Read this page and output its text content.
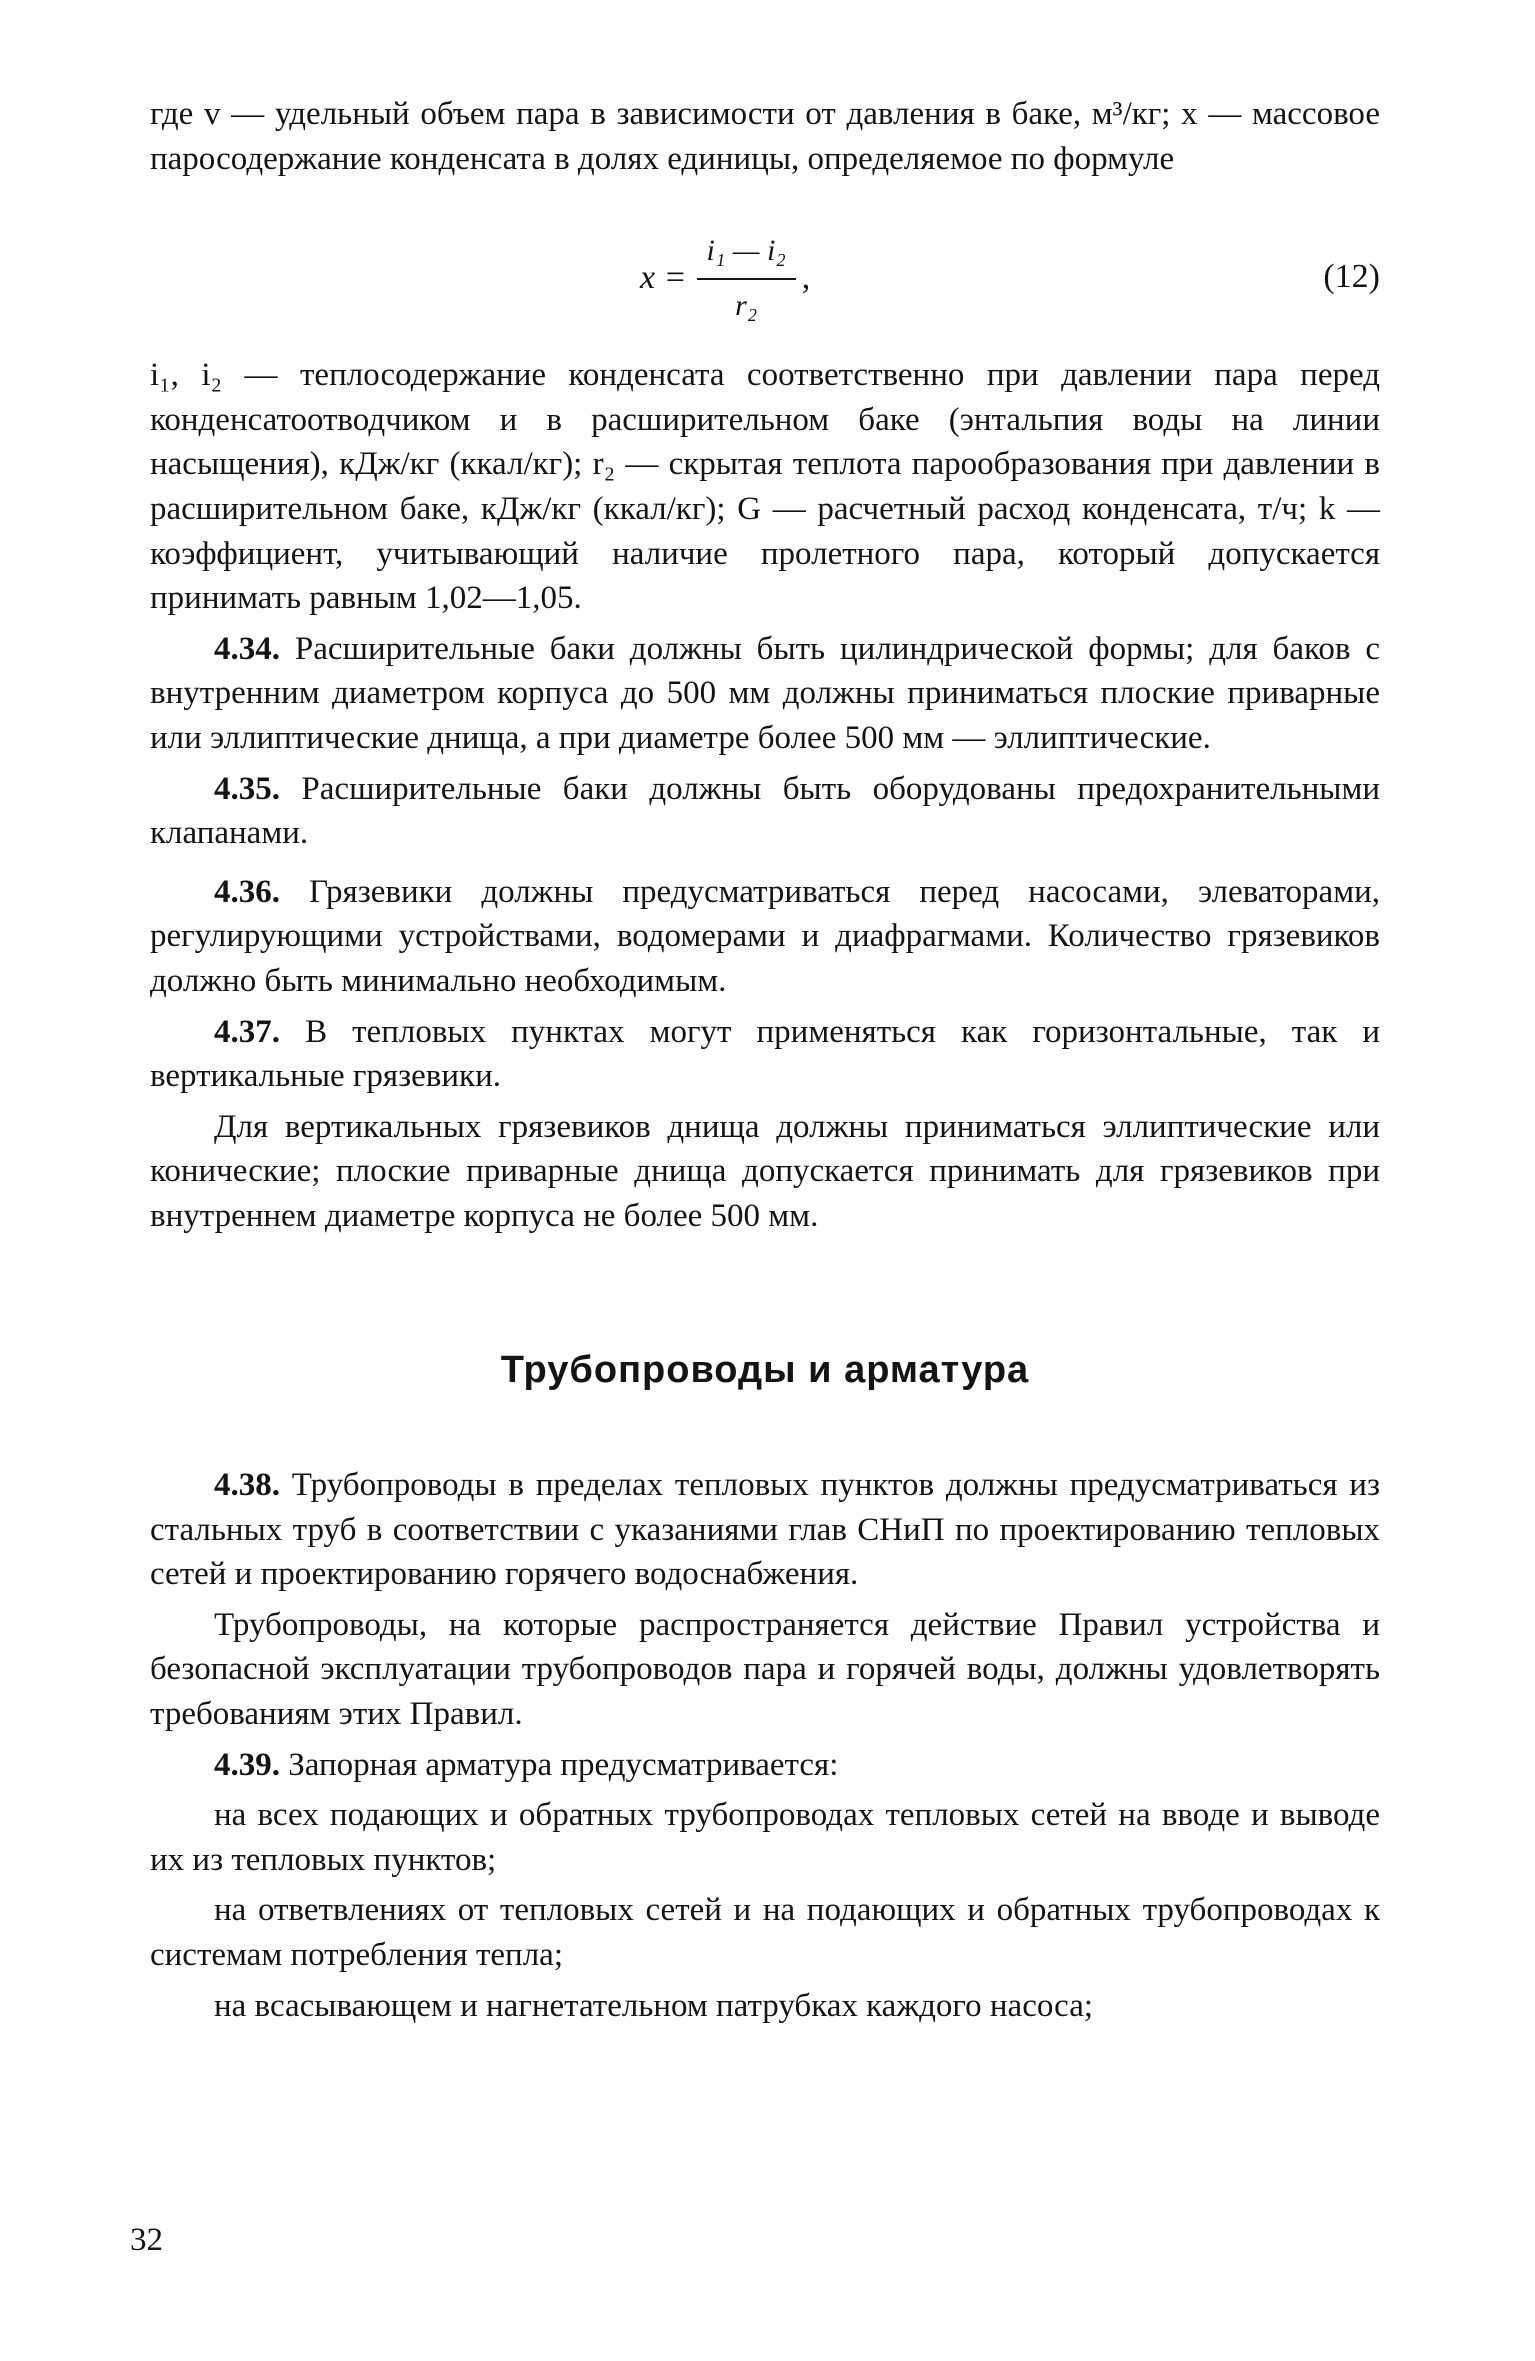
где v — удельный объем пара в зависимости от давления в баке, м³/кг; x — массовое паросодержание конденсата в долях единицы, определяемое по формуле

$x = \frac{\text{i₁ — i₂}}{\text{r₂}}$ ,	(12)

i₁, i₂ — теплосодержание конденсата соответственно при давлении пара перед конденсатоотводчиком и в расширительном баке (энтальпия воды на линии насыщения), кДж/кг (ккал/кг); r₂ — скрытая теплота парообразования при давлении в расширительном баке, кДж/кг (ккал/кг); G — расчетный расход конденсата, т/ч; k — коэффициент, учитывающий наличие пролетного пара, который допускается принимать равным 1,02—1,05.

4.34. Расширительные баки должны быть цилиндрической формы; для баков с внутренним диаметром корпуса до 500 мм должны приниматься плоские приварные или эллиптические днища, а при диаметре более 500 мм — эллиптические.

4.35. Расширительные баки должны быть оборудованы предохранительными клапанами.

4.36. Грязевики должны предусматриваться перед насосами, элеваторами, регулирующими устройствами, водомерами и диафрагмами. Количество грязевиков должно быть минимально необходимым.

4.37. В тепловых пунктах могут применяться как горизонтальные, так и вертикальные грязевики.

Для вертикальных грязевиков днища должны приниматься эллиптические или конические; плоские приварные днища допускается принимать для грязевиков при внутреннем диаметре корпуса не более 500 мм.

Трубопроводы и арматура

4.38. Трубопроводы в пределах тепловых пунктов должны предусматриваться из стальных труб в соответствии с указаниями глав СНиП по проектированию тепловых сетей и проектированию горячего водоснабжения.

Трубопроводы, на которые распространяется действие Правил устройства и безопасной эксплуатации трубопроводов пара и горячей воды, должны удовлетворять требованиям этих Правил.

4.39. Запорная арматура предусматривается:

на всех подающих и обратных трубопроводах тепловых сетей на вводе и выводе их из тепловых пунктов;

на ответвлениях от тепловых сетей и на подающих и обратных трубопроводах к системам потребления тепла;

на всасывающем и нагнетательном патрубках каждого насоса;

32
